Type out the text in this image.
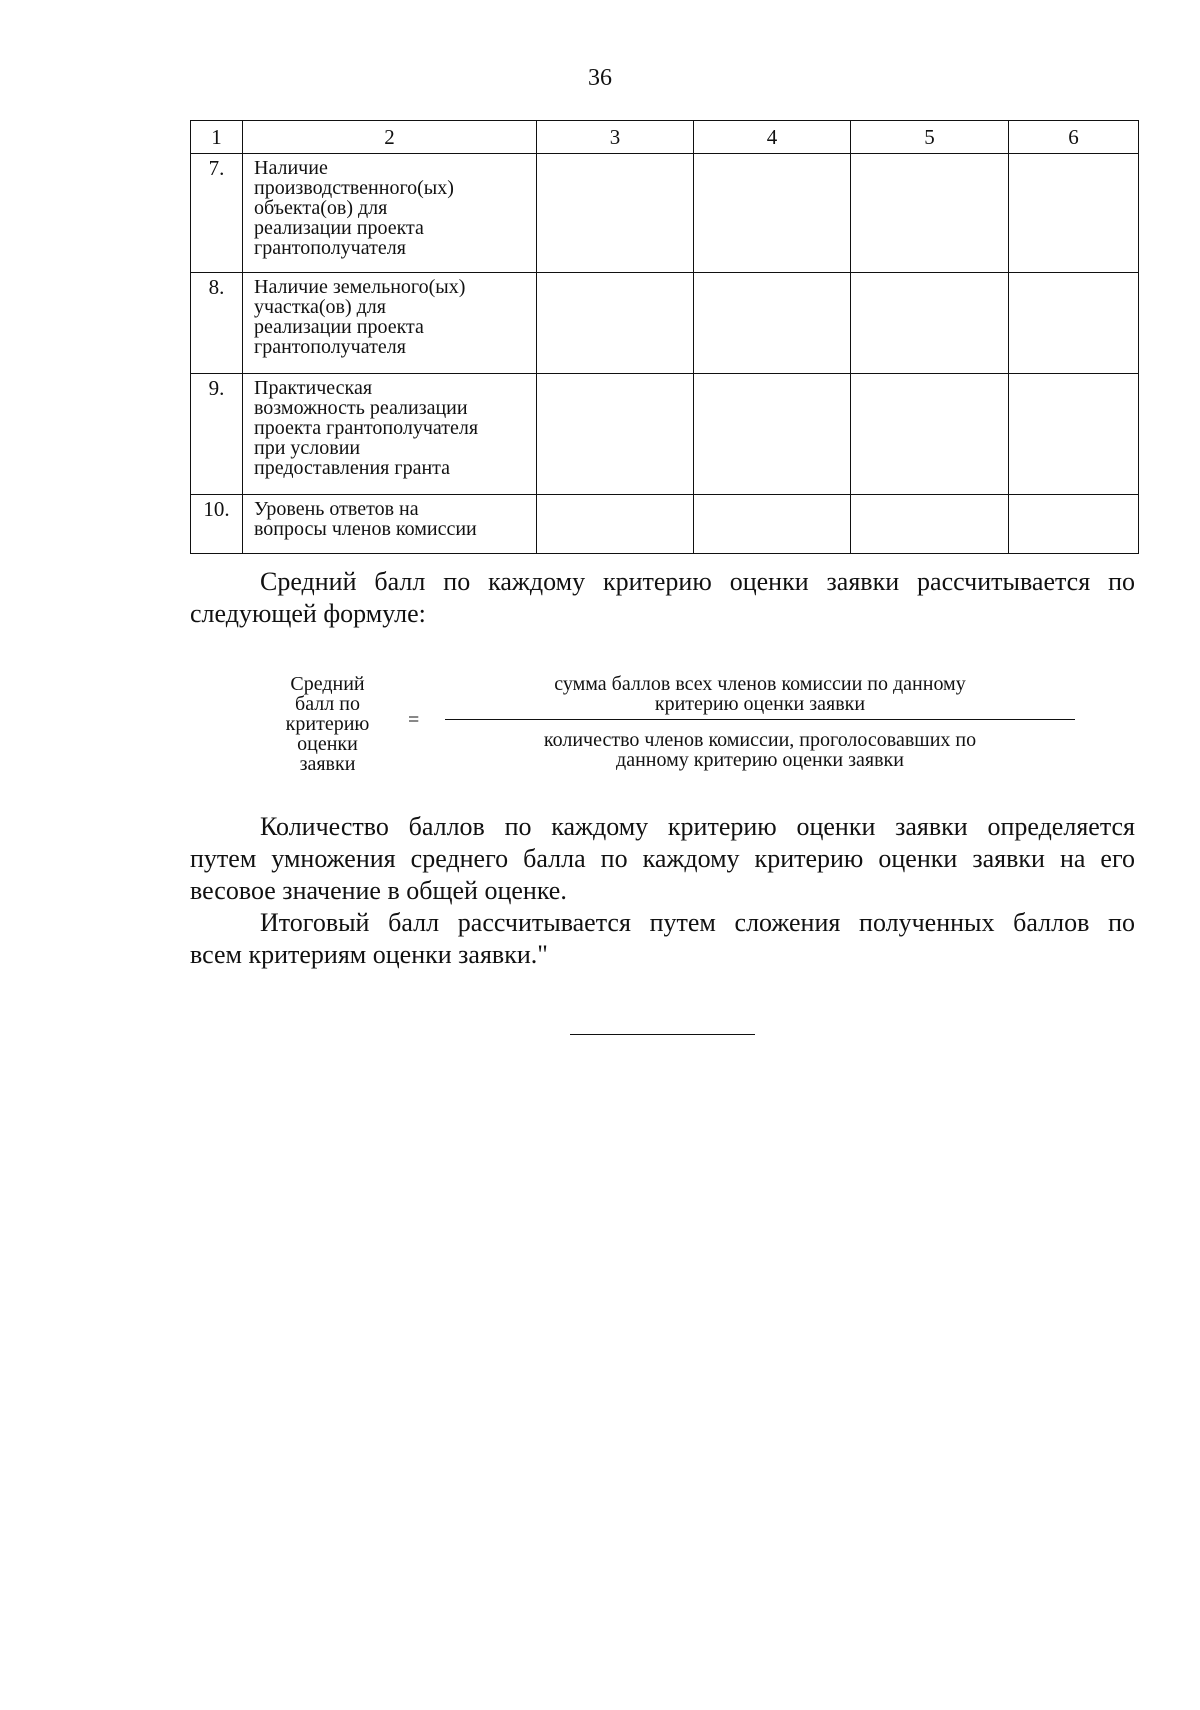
36
1	2	3	4	5	6
7.	Наличие
производственного(ых)
объекта(ов) для
реализации проекта
грантополучателя				

8.	Наличие земельного(ых)
участка(ов) для
реализации проекта
грантополучателя				

9.	Практическая
возможность реализации
проекта грантополучателя
при условии
предоставления гранта				

10.	Уровень ответов на
вопросы членов комиссии				

Средний балл по каждому критерию оценки заявки рассчитывается по
следующей формуле:
Средний
балл по
критерию
оценки
заявки
=
сумма баллов всех членов комиссии по данному
критерию оценки заявки
количество членов комиссии, проголосовавших по
данному критерию оценки заявки
Количество баллов по каждому критерию оценки заявки определяется
путем умножения среднего балла по каждому критерию оценки заявки на его
весовое значение в общей оценке.
Итоговый балл рассчитывается путем сложения полученных баллов по
всем критериям оценки заявки."
